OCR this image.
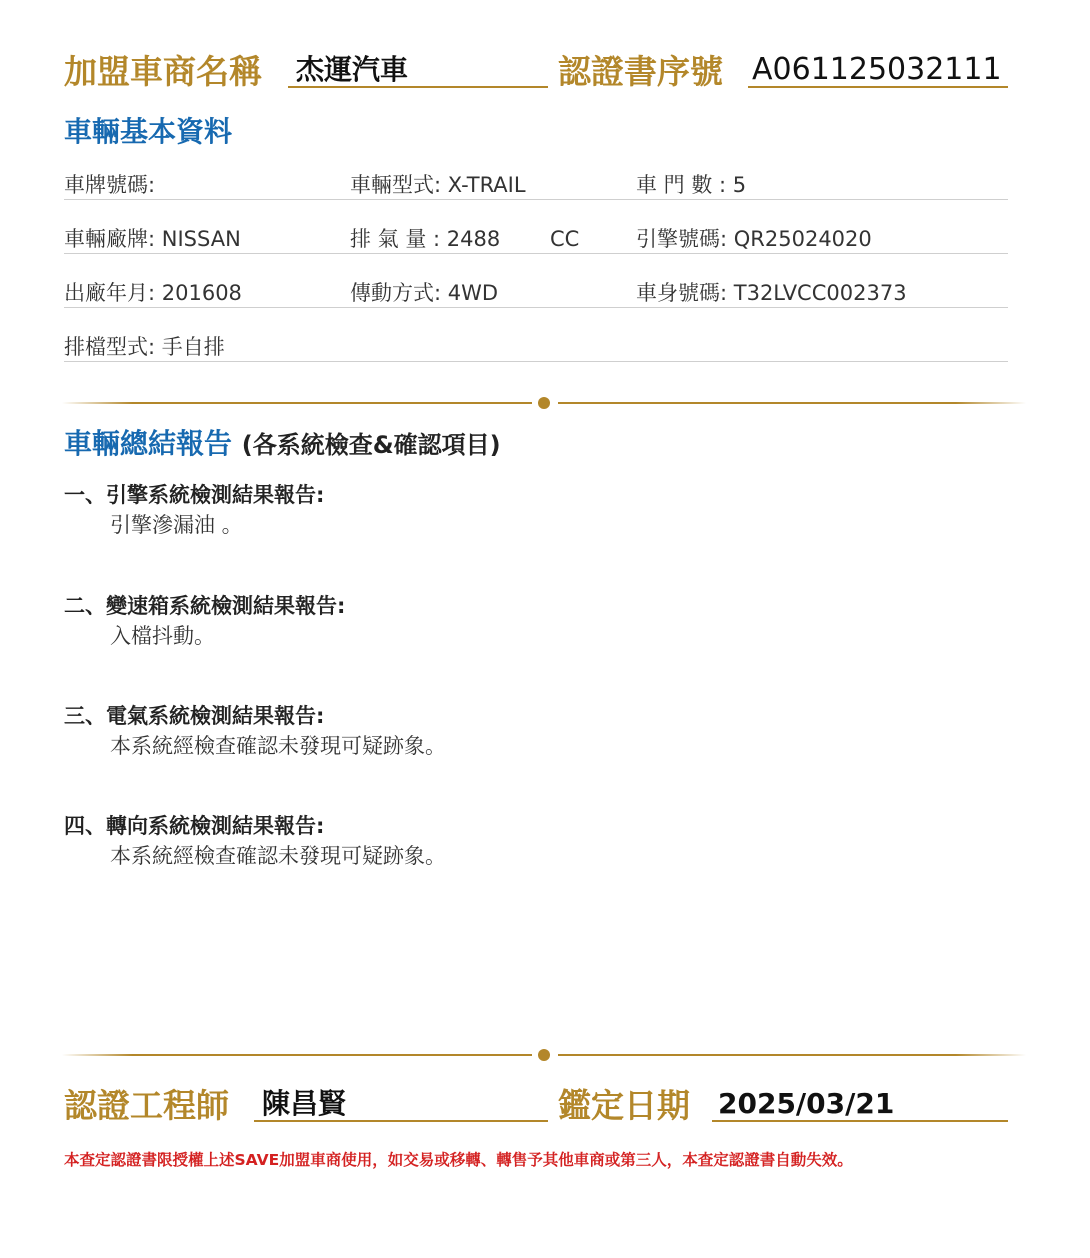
加盟車商名稱 杰運汽車	認證書序號 A061125032111
車輛基本資料
車牌號碼:	車輛型式: X-TRAIL	車 門 數 : 5
車輛廠牌: NISSAN	排 氣 量 : 2488 CC	引擎號碼: QR25024020
出廠年月: 201608	傳動方式: 4WD	車身號碼: T32LVCC002373
排檔型式: 手自排
車輛總結報告 (各系統檢查&確認項目)
一、引擎系統檢測結果報告:
引擎滲漏油 。
二、變速箱系統檢測結果報告:
入檔抖動。
三、電氣系統檢測結果報告:
本系統經檢查確認未發現可疑跡象。
四、轉向系統檢測結果報告:
本系統經檢查確認未發現可疑跡象。
認證工程師 陳昌賢	鑑定日期 2025/03/21
本查定認證書限授權上述SAVE加盟車商使用，如交易或移轉、轉售予其他車商或第三人，本查定認證書自動失效。
